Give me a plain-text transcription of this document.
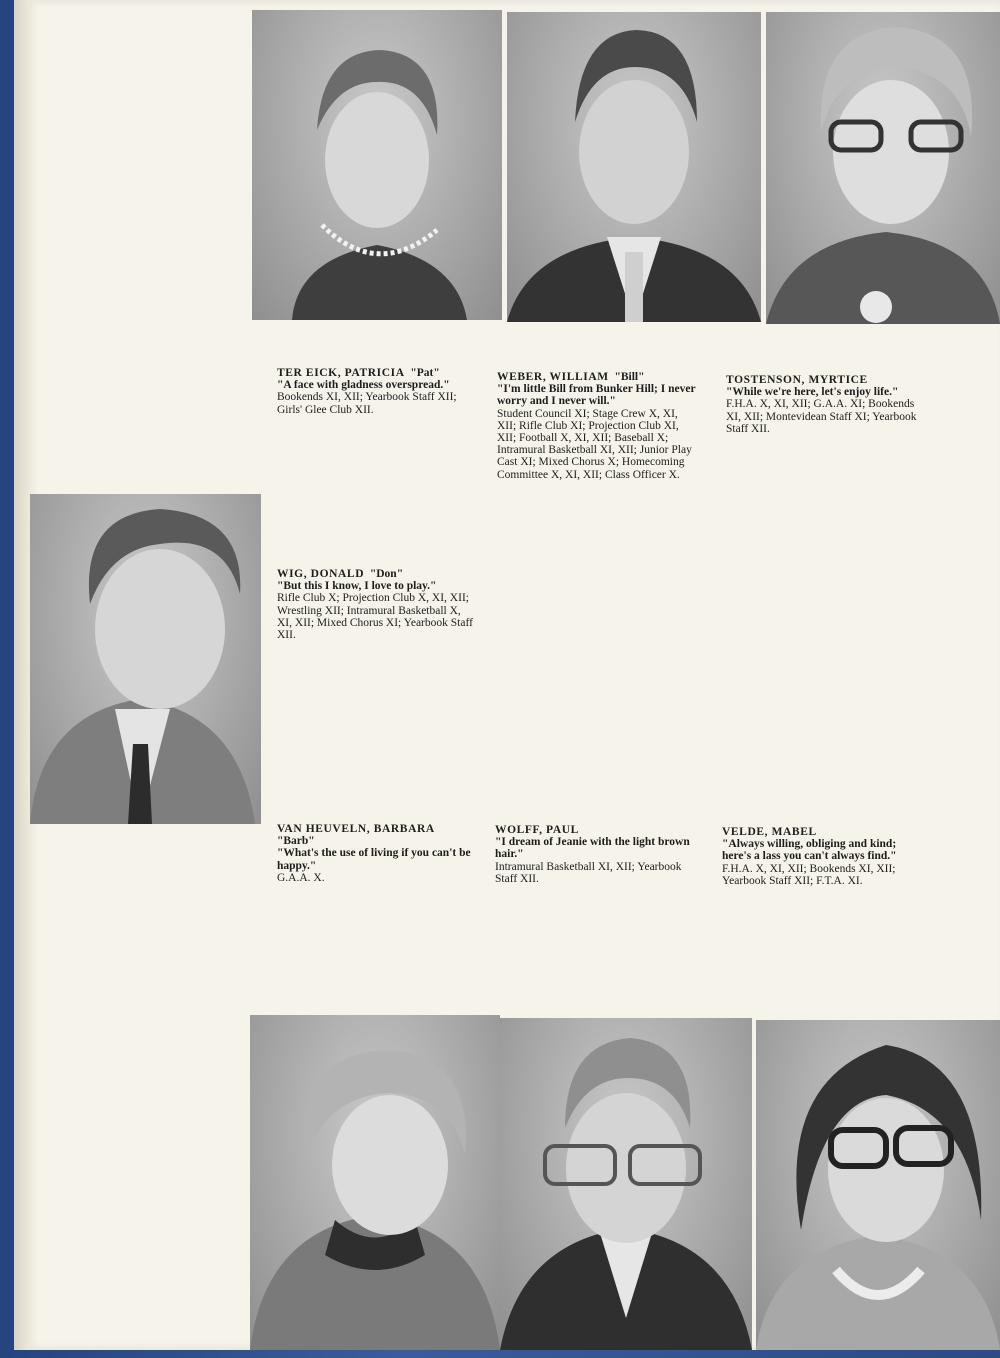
TER EICK, PATRICIA "Pat"
"A face with gladness overspread."
Bookends XI, XII; Yearbook Staff XII; Girls' Glee Club XII.
WEBER, WILLIAM "Bill"
"I'm little Bill from Bunker Hill; I never worry and I never will."
Student Council XI; Stage Crew X, XI, XII; Rifle Club XI; Projection Club XI, XII; Football X, XI, XII; Baseball X; Intramural Basketball XI, XII; Junior Play Cast XI; Mixed Chorus X; Homecoming Committee X, XI, XII; Class Officer X.
TOSTENSON, MYRTICE
"While we're here, let's enjoy life."
F.H.A. X, XI, XII; G.A.A. XI; Bookends XI, XII; Montevidean Staff XI; Yearbook Staff XII.
WIG, DONALD "Don"
"But this I know, I love to play."
Rifle Club X; Projection Club X, XI, XII; Wrestling XII; Intramural Basketball X, XI, XII; Mixed Chorus XI; Yearbook Staff XII.
VAN HEUVELN, BARBARA
"Barb"
"What's the use of living if you can't be happy."
G.A.A. X.
WOLFF, PAUL
"I dream of Jeanie with the light brown hair."
Intramural Basketball XI, XII; Yearbook Staff XII.
VELDE, MABEL
"Always willing, obliging and kind; here's a lass you can't always find."
F.H.A. X, XI, XII; Bookends XI, XII; Yearbook Staff XII; F.T.A. XI.
